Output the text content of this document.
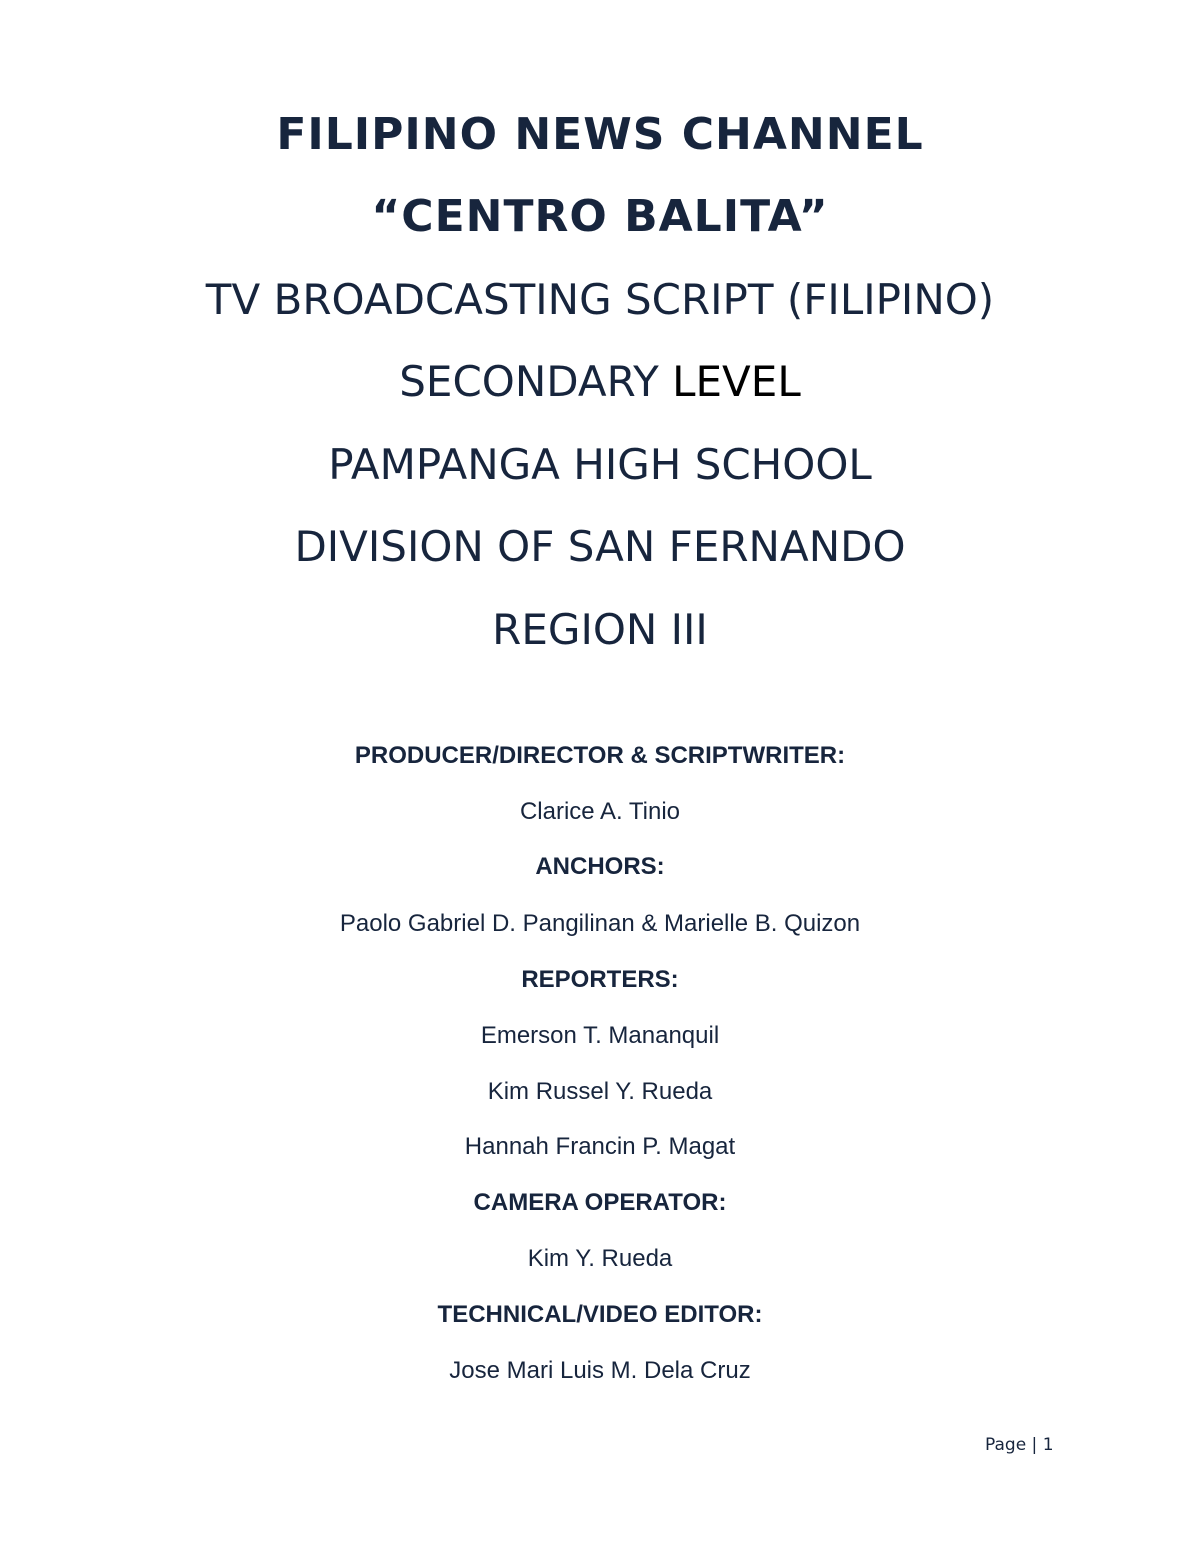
FILIPINO NEWS CHANNEL
“CENTRO BALITA”
TV BROADCASTING SCRIPT (FILIPINO)
SECONDARY LEVEL
PAMPANGA HIGH SCHOOL
DIVISION OF SAN FERNANDO
REGION III
PRODUCER/DIRECTOR & SCRIPTWRITER:
Clarice A. Tinio
ANCHORS:
Paolo Gabriel D. Pangilinan & Marielle B. Quizon
REPORTERS:
Emerson T. Mananquil
Kim Russel Y. Rueda
Hannah Francin P. Magat
CAMERA OPERATOR:
Kim Y. Rueda
TECHNICAL/VIDEO EDITOR:
Jose Mari Luis M. Dela Cruz
Page | 1
